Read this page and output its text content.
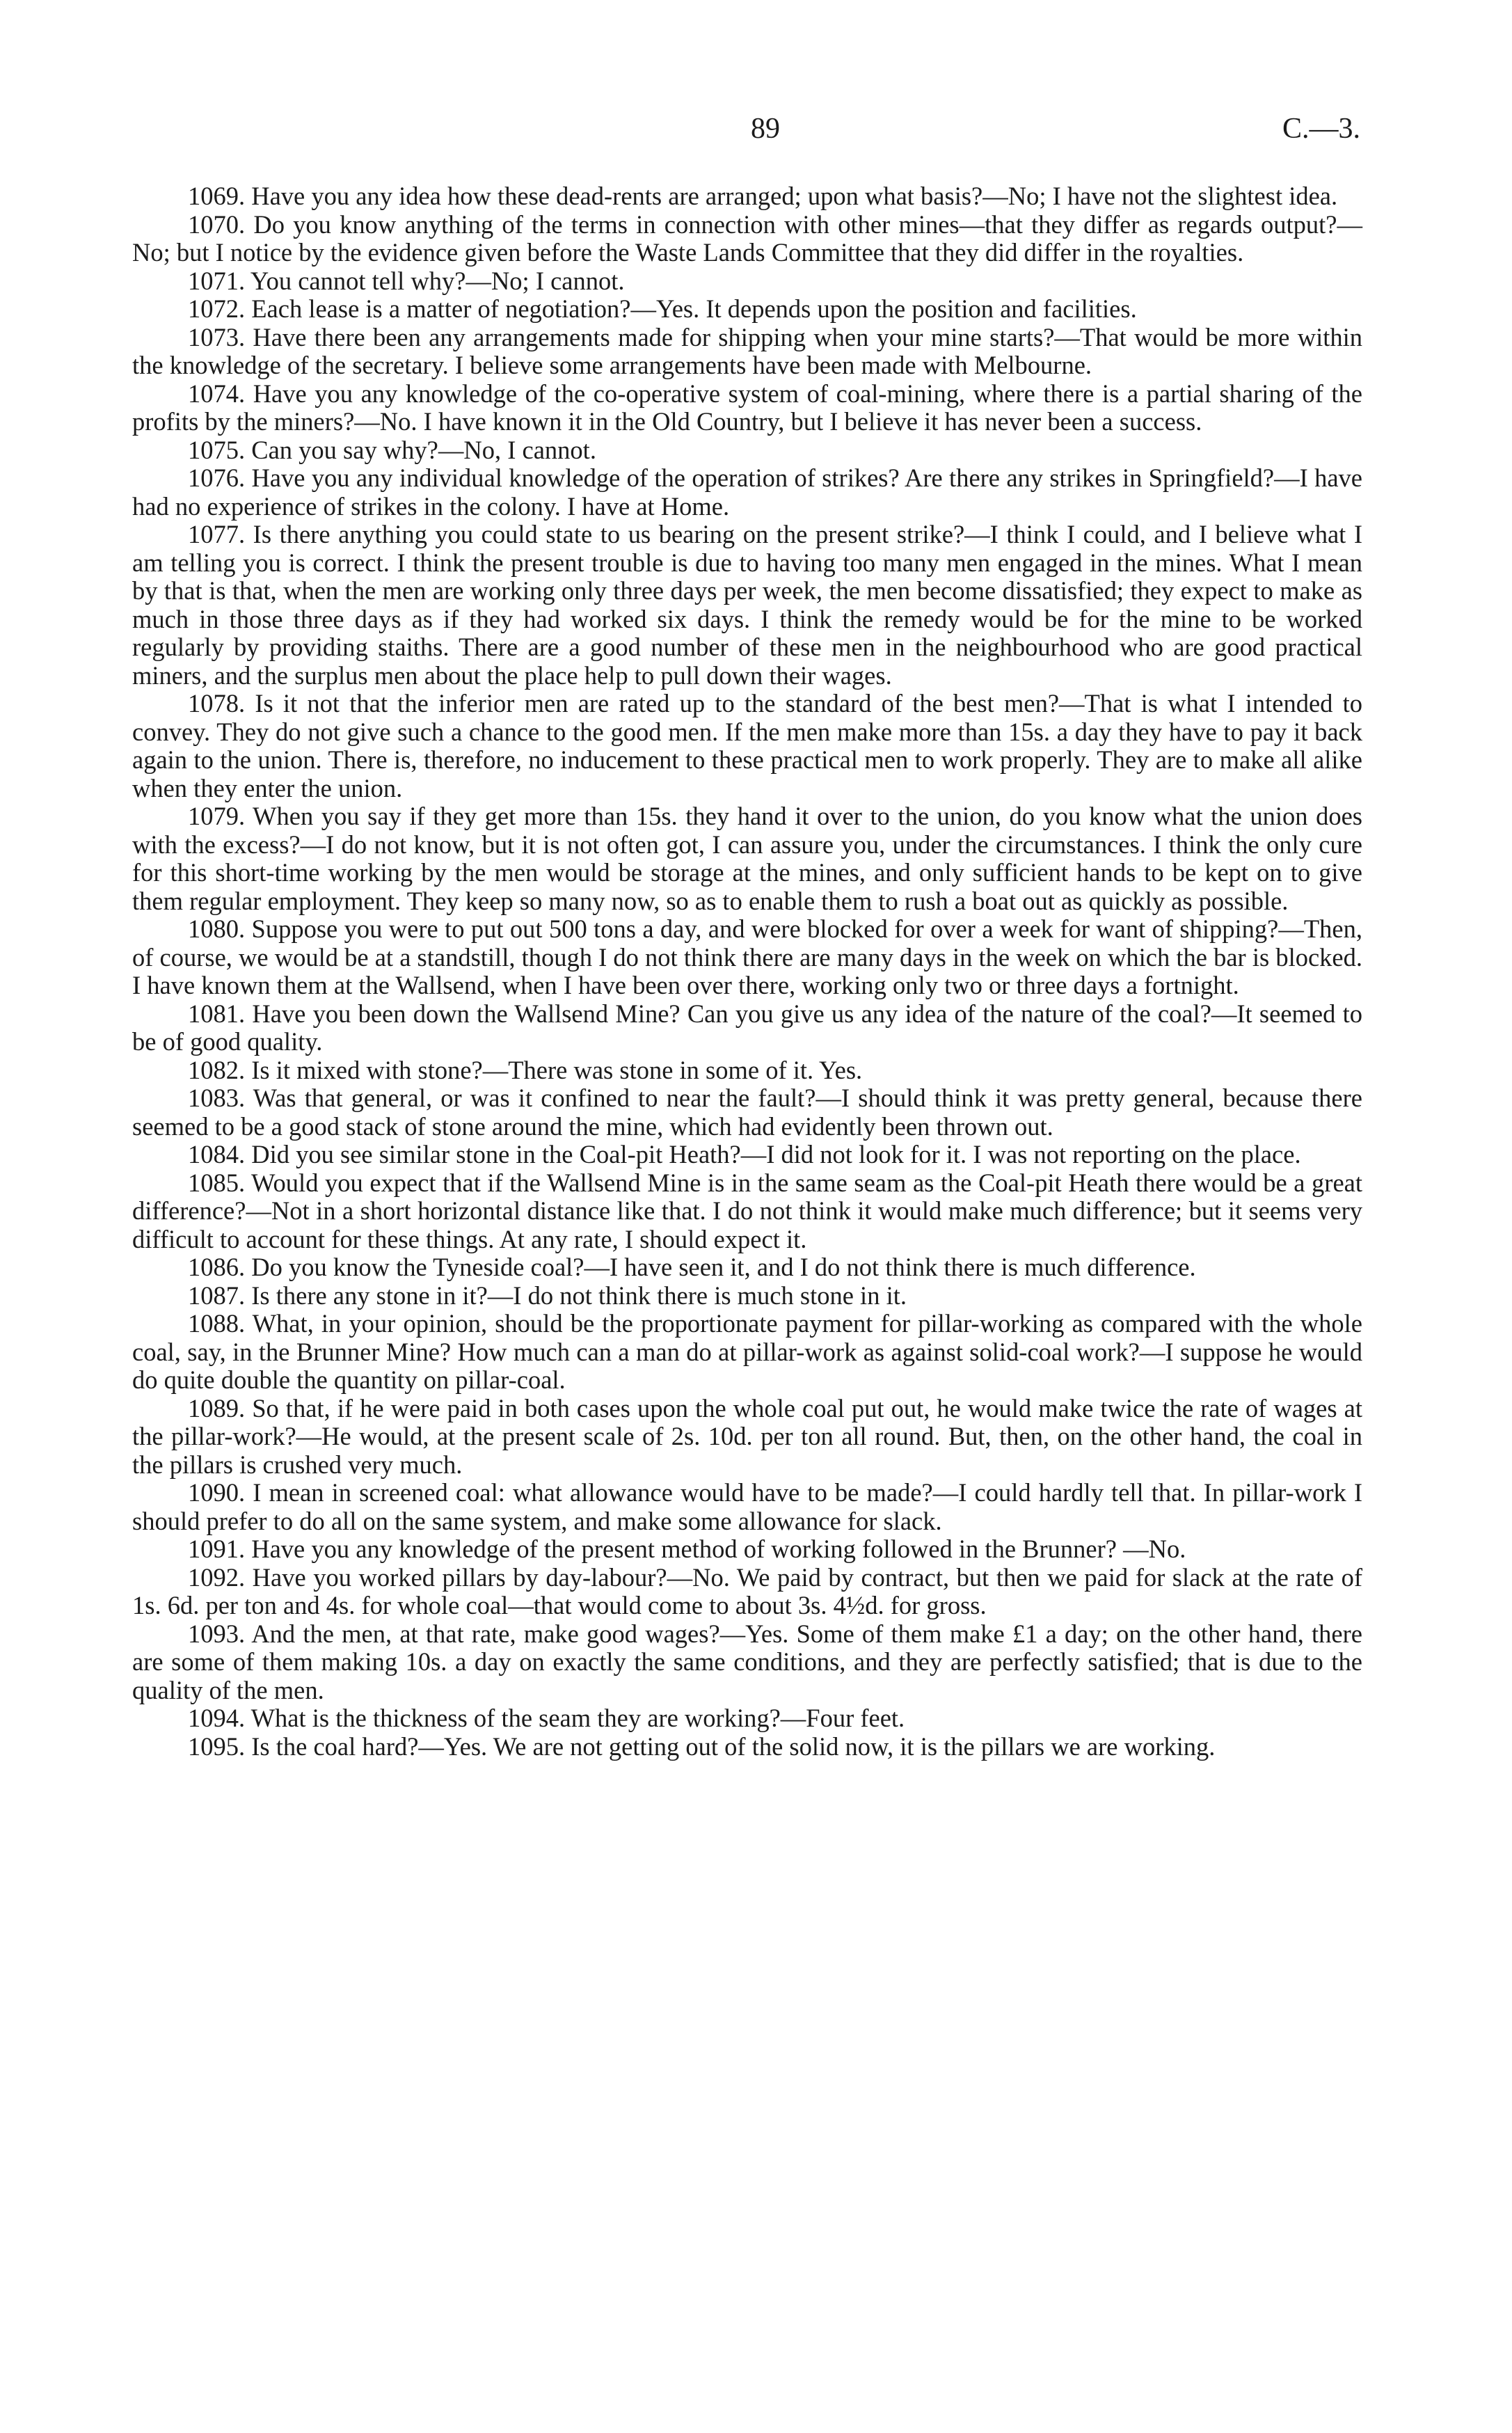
89	C.—3.

1069. Have you any idea how these dead-rents are arranged; upon what basis?—No; I have not the slightest idea.

1070. Do you know anything of the terms in connection with other mines—that they differ as regards output?—No; but I notice by the evidence given before the Waste Lands Committee that they did differ in the royalties.

1071. You cannot tell why?—No; I cannot.

1072. Each lease is a matter of negotiation?—Yes. It depends upon the position and facilities.

1073. Have there been any arrangements made for shipping when your mine starts?—That would be more within the knowledge of the secretary. I believe some arrangements have been made with Melbourne.

1074. Have you any knowledge of the co-operative system of coal-mining, where there is a partial sharing of the profits by the miners?—No. I have known it in the Old Country, but I believe it has never been a success.

1075. Can you say why?—No, I cannot.

1076. Have you any individual knowledge of the operation of strikes? Are there any strikes in Springfield?—I have had no experience of strikes in the colony. I have at Home.

1077. Is there anything you could state to us bearing on the present strike?—I think I could, and I believe what I am telling you is correct. I think the present trouble is due to having too many men engaged in the mines. What I mean by that is that, when the men are working only three days per week, the men become dissatisfied; they expect to make as much in those three days as if they had worked six days. I think the remedy would be for the mine to be worked regularly by providing staiths. There are a good number of these men in the neighbourhood who are good practical miners, and the surplus men about the place help to pull down their wages.

1078. Is it not that the inferior men are rated up to the standard of the best men?—That is what I intended to convey. They do not give such a chance to the good men. If the men make more than 15s. a day they have to pay it back again to the union. There is, therefore, no inducement to these practical men to work properly. They are to make all alike when they enter the union.

1079. When you say if they get more than 15s. they hand it over to the union, do you know what the union does with the excess?—I do not know, but it is not often got, I can assure you, under the circumstances. I think the only cure for this short-time working by the men would be storage at the mines, and only sufficient hands to be kept on to give them regular employment. They keep so many now, so as to enable them to rush a boat out as quickly as possible.

1080. Suppose you were to put out 500 tons a day, and were blocked for over a week for want of shipping?—Then, of course, we would be at a standstill, though I do not think there are many days in the week on which the bar is blocked. I have known them at the Wallsend, when I have been over there, working only two or three days a fortnight.

1081. Have you been down the Wallsend Mine? Can you give us any idea of the nature of the coal?—It seemed to be of good quality.

1082. Is it mixed with stone?—There was stone in some of it. Yes.

1083. Was that general, or was it confined to near the fault?—I should think it was pretty general, because there seemed to be a good stack of stone around the mine, which had evidently been thrown out.

1084. Did you see similar stone in the Coal-pit Heath?—I did not look for it. I was not reporting on the place.

1085. Would you expect that if the Wallsend Mine is in the same seam as the Coal-pit Heath there would be a great difference?—Not in a short horizontal distance like that. I do not think it would make much difference; but it seems very difficult to account for these things. At any rate, I should expect it.

1086. Do you know the Tyneside coal?—I have seen it, and I do not think there is much difference.

1087. Is there any stone in it?—I do not think there is much stone in it.

1088. What, in your opinion, should be the proportionate payment for pillar-working as compared with the whole coal, say, in the Brunner Mine? How much can a man do at pillar-work as against solid-coal work?—I suppose he would do quite double the quantity on pillar-coal.

1089. So that, if he were paid in both cases upon the whole coal put out, he would make twice the rate of wages at the pillar-work?—He would, at the present scale of 2s. 10d. per ton all round. But, then, on the other hand, the coal in the pillars is crushed very much.

1090. I mean in screened coal: what allowance would have to be made?—I could hardly tell that. In pillar-work I should prefer to do all on the same system, and make some allowance for slack.

1091. Have you any knowledge of the present method of working followed in the Brunner? —No.

1092. Have you worked pillars by day-labour?—No. We paid by contract, but then we paid for slack at the rate of 1s. 6d. per ton and 4s. for whole coal—that would come to about 3s. 4½d. for gross.

1093. And the men, at that rate, make good wages?—Yes. Some of them make £1 a day; on the other hand, there are some of them making 10s. a day on exactly the same conditions, and they are perfectly satisfied; that is due to the quality of the men.

1094. What is the thickness of the seam they are working?—Four feet.

1095. Is the coal hard?—Yes. We are not getting out of the solid now, it is the pillars we are working.
